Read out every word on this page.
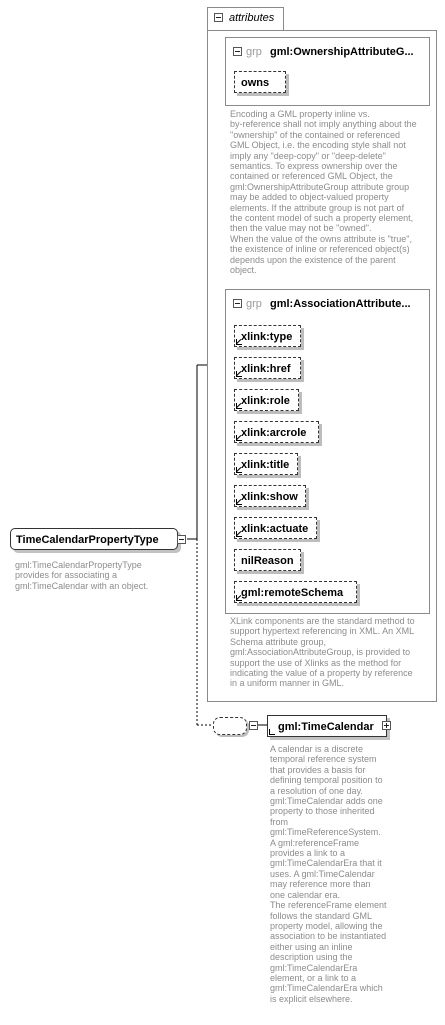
attributes
grp gml:OwnershipAttributeG...
owns
Encoding a GML property inline vs.
by-reference shall not imply anything about the
"ownership" of the contained or referenced
GML Object, i.e. the encoding style shall not
imply any "deep-copy" or "deep-delete"
semantics. To express ownership over the
contained or referenced GML Object, the
gml:OwnershipAttributeGroup attribute group
may be added to object-valued property
elements. If the attribute group is not part of
the content model of such a property element,
then the value may not be "owned".
When the value of the owns attribute is "true",
the existence of inline or referenced object(s)
depends upon the existence of the parent
object.
grp gml:AssociationAttribute...
xlink:type
xlink:href
xlink:role
xlink:arcrole
xlink:title
xlink:show
xlink:actuate
nilReason
gml:remoteSchema
XLink components are the standard method to
support hypertext referencing in XML. An XML
Schema attribute group,
gml:AssociationAttributeGroup, is provided to
support the use of Xlinks as the method for
indicating the value of a property by reference
in a uniform manner in GML.
TimeCalendarPropertyType
gml:TimeCalendarPropertyType
provides for associating a
gml:TimeCalendar with an object.
gml:TimeCalendar
A calendar is a discrete
temporal reference system
that provides a basis for
defining temporal position to
a resolution of one day.
gml:TimeCalendar adds one
property to those inherited
from
gml:TimeReferenceSystem.
A gml:referenceFrame
provides a link to a
gml:TimeCalendarEra that it
uses. A gml:TimeCalendar
may reference more than
one calendar era.
The referenceFrame element
follows the standard GML
property model, allowing the
association to be instantiated
either using an inline
description using the
gml:TimeCalendarEra
element, or a link to a
gml:TimeCalendarEra which
is explicit elsewhere.
